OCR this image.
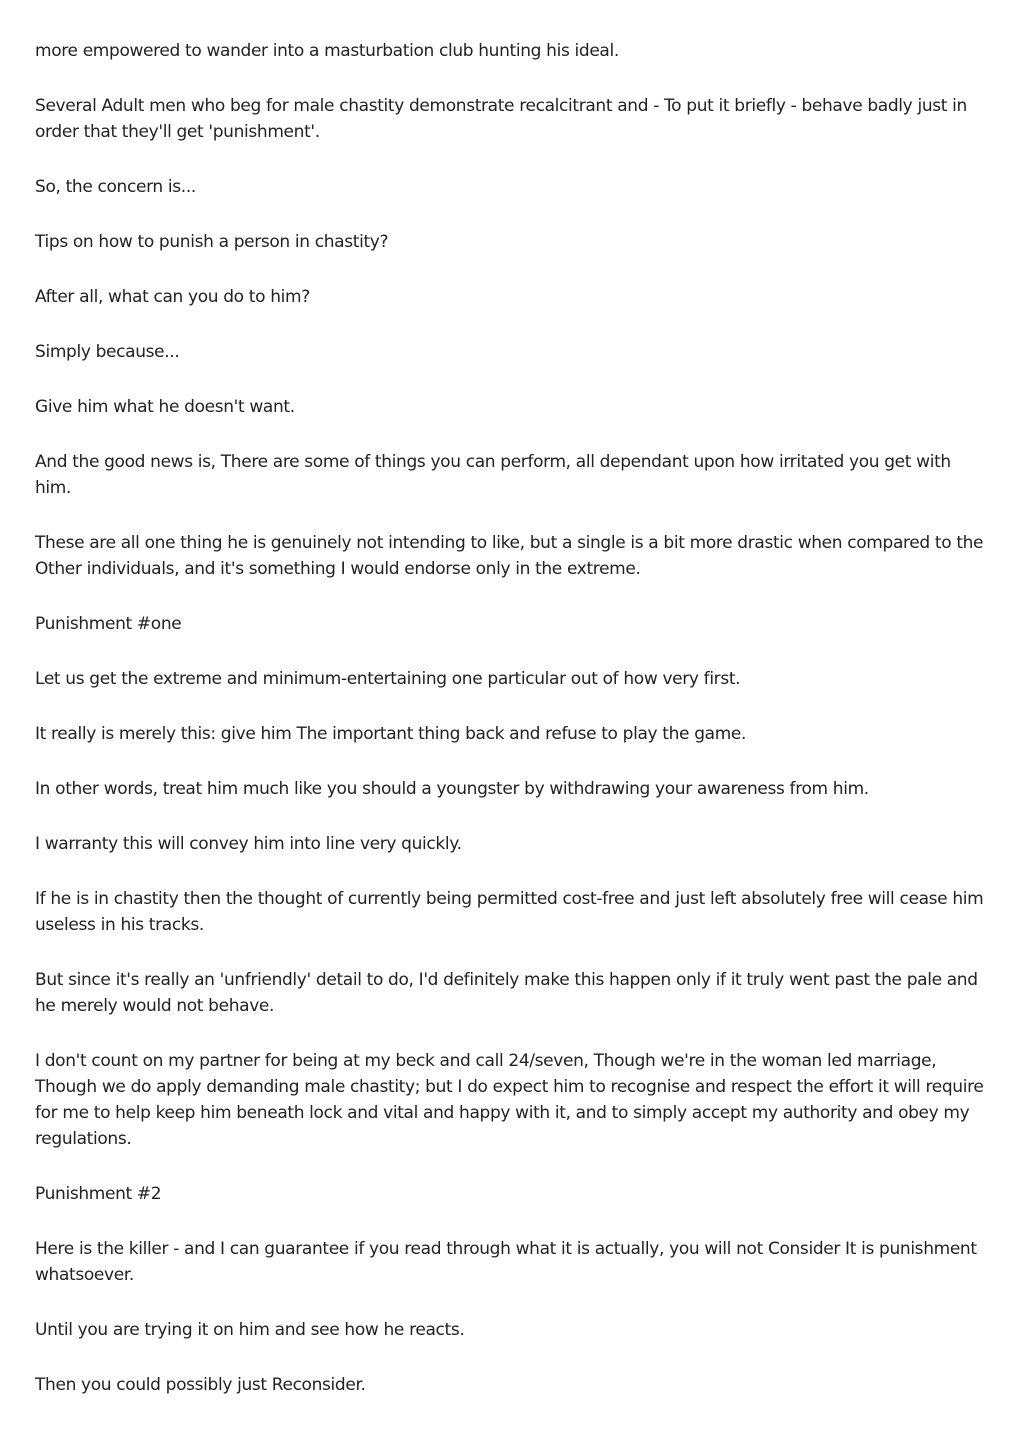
more empowered to wander into a masturbation club hunting his ideal.

Several Adult men who beg for male chastity demonstrate recalcitrant and - To put it briefly - behave badly just in order that they'll get 'punishment'.

So, the concern is...

Tips on how to punish a person in chastity?

After all, what can you do to him?

Simply because...

Give him what he doesn't want.

And the good news is, There are some of things you can perform, all dependant upon how irritated you get with him.

These are all one thing he is genuinely not intending to like, but a single is a bit more drastic when compared to the Other individuals, and it's something I would endorse only in the extreme.

Punishment #one

Let us get the extreme and minimum-entertaining one particular out of how very first.

It really is merely this: give him The important thing back and refuse to play the game.

In other words, treat him much like you should a youngster by withdrawing your awareness from him.

I warranty this will convey him into line very quickly.

If he is in chastity then the thought of currently being permitted cost-free and just left absolutely free will cease him useless in his tracks.

But since it's really an 'unfriendly' detail to do, I'd definitely make this happen only if it truly went past the pale and he merely would not behave.

I don't count on my partner for being at my beck and call 24/seven, Though we're in the woman led marriage, Though we do apply demanding male chastity; but I do expect him to recognise and respect the effort it will require for me to help keep him beneath lock and vital and happy with it, and to simply accept my authority and obey my regulations.

Punishment #2

Here is the killer - and I can guarantee if you read through what it is actually, you will not Consider It is punishment whatsoever.

Until you are trying it on him and see how he reacts.

Then you could possibly just Reconsider.
